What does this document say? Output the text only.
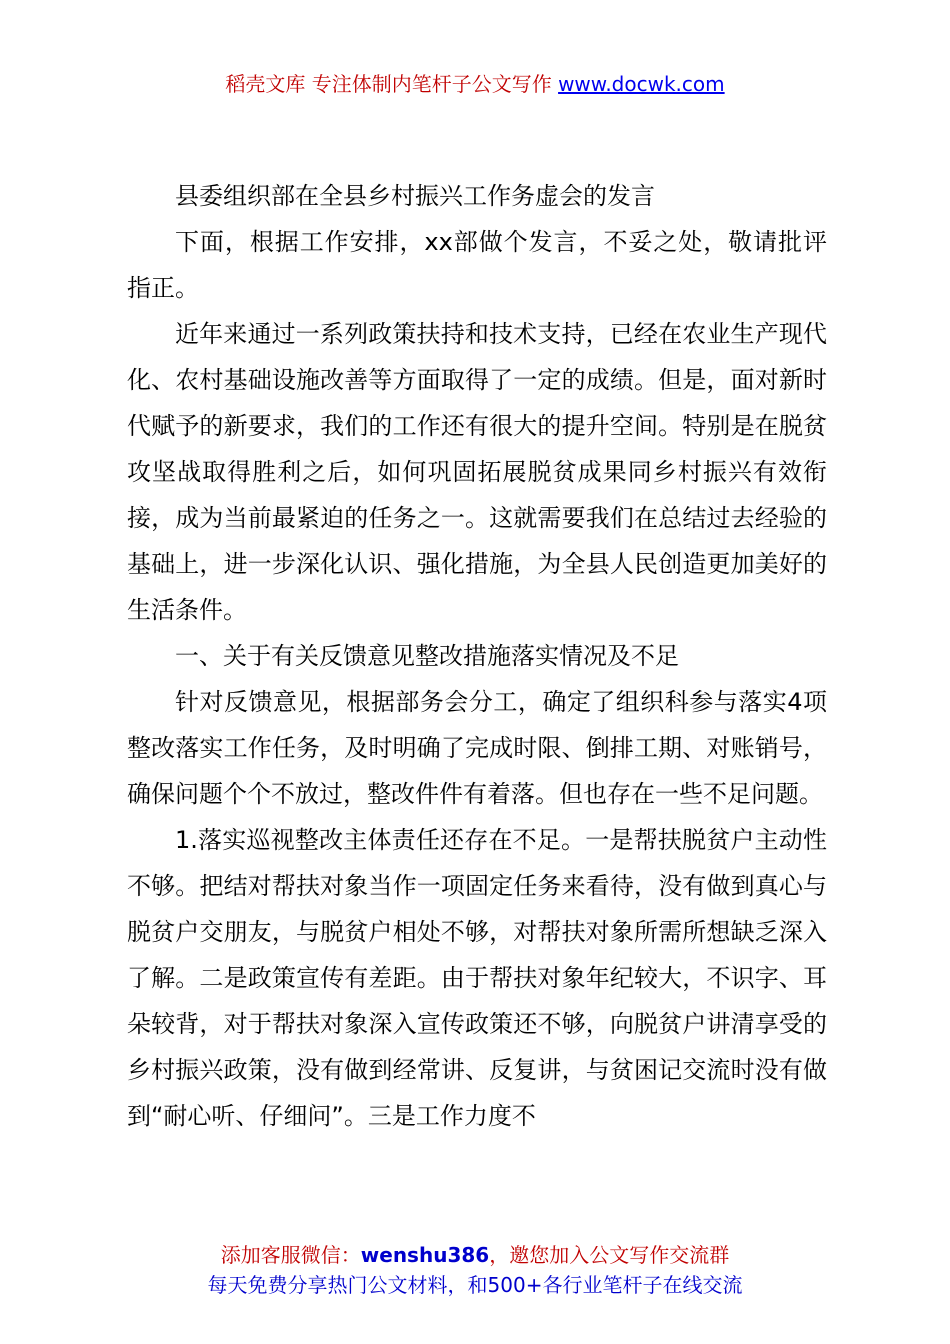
稻壳文库 专注体制内笔杆子公文写作 www.docwk.com

县委组织部在全县乡村振兴工作务虚会的发言

下面，根据工作安排，xx部做个发言，不妥之处，敬请批评指正。

近年来通过一系列政策扶持和技术支持，已经在农业生产现代化、农村基础设施改善等方面取得了一定的成绩。但是，面对新时代赋予的新要求，我们的工作还有很大的提升空间。特别是在脱贫攻坚战取得胜利之后，如何巩固拓展脱贫成果同乡村振兴有效衔接，成为当前最紧迫的任务之一。这就需要我们在总结过去经验的基础上，进一步深化认识、强化措施，为全县人民创造更加美好的生活条件。

一、关于有关反馈意见整改措施落实情况及不足

针对反馈意见，根据部务会分工，确定了组织科参与落实4项整改落实工作任务，及时明确了完成时限、倒排工期、对账销号，确保问题个个不放过，整改件件有着落。但也存在一些不足问题。

1.落实巡视整改主体责任还存在不足。一是帮扶脱贫户主动性不够。把结对帮扶对象当作一项固定任务来看待，没有做到真心与脱贫户交朋友，与脱贫户相处不够，对帮扶对象所需所想缺乏深入了解。二是政策宣传有差距。由于帮扶对象年纪较大，不识字、耳朵较背，对于帮扶对象深入宣传政策还不够，向脱贫户讲清享受的乡村振兴政策，没有做到经常讲、反复讲，与贫困记交流时没有做到“耐心听、仔细问”。三是工作力度不

添加客服微信：wenshu386，邀您加入公文写作交流群
每天免费分享热门公文材料，和500+各行业笔杆子在线交流
